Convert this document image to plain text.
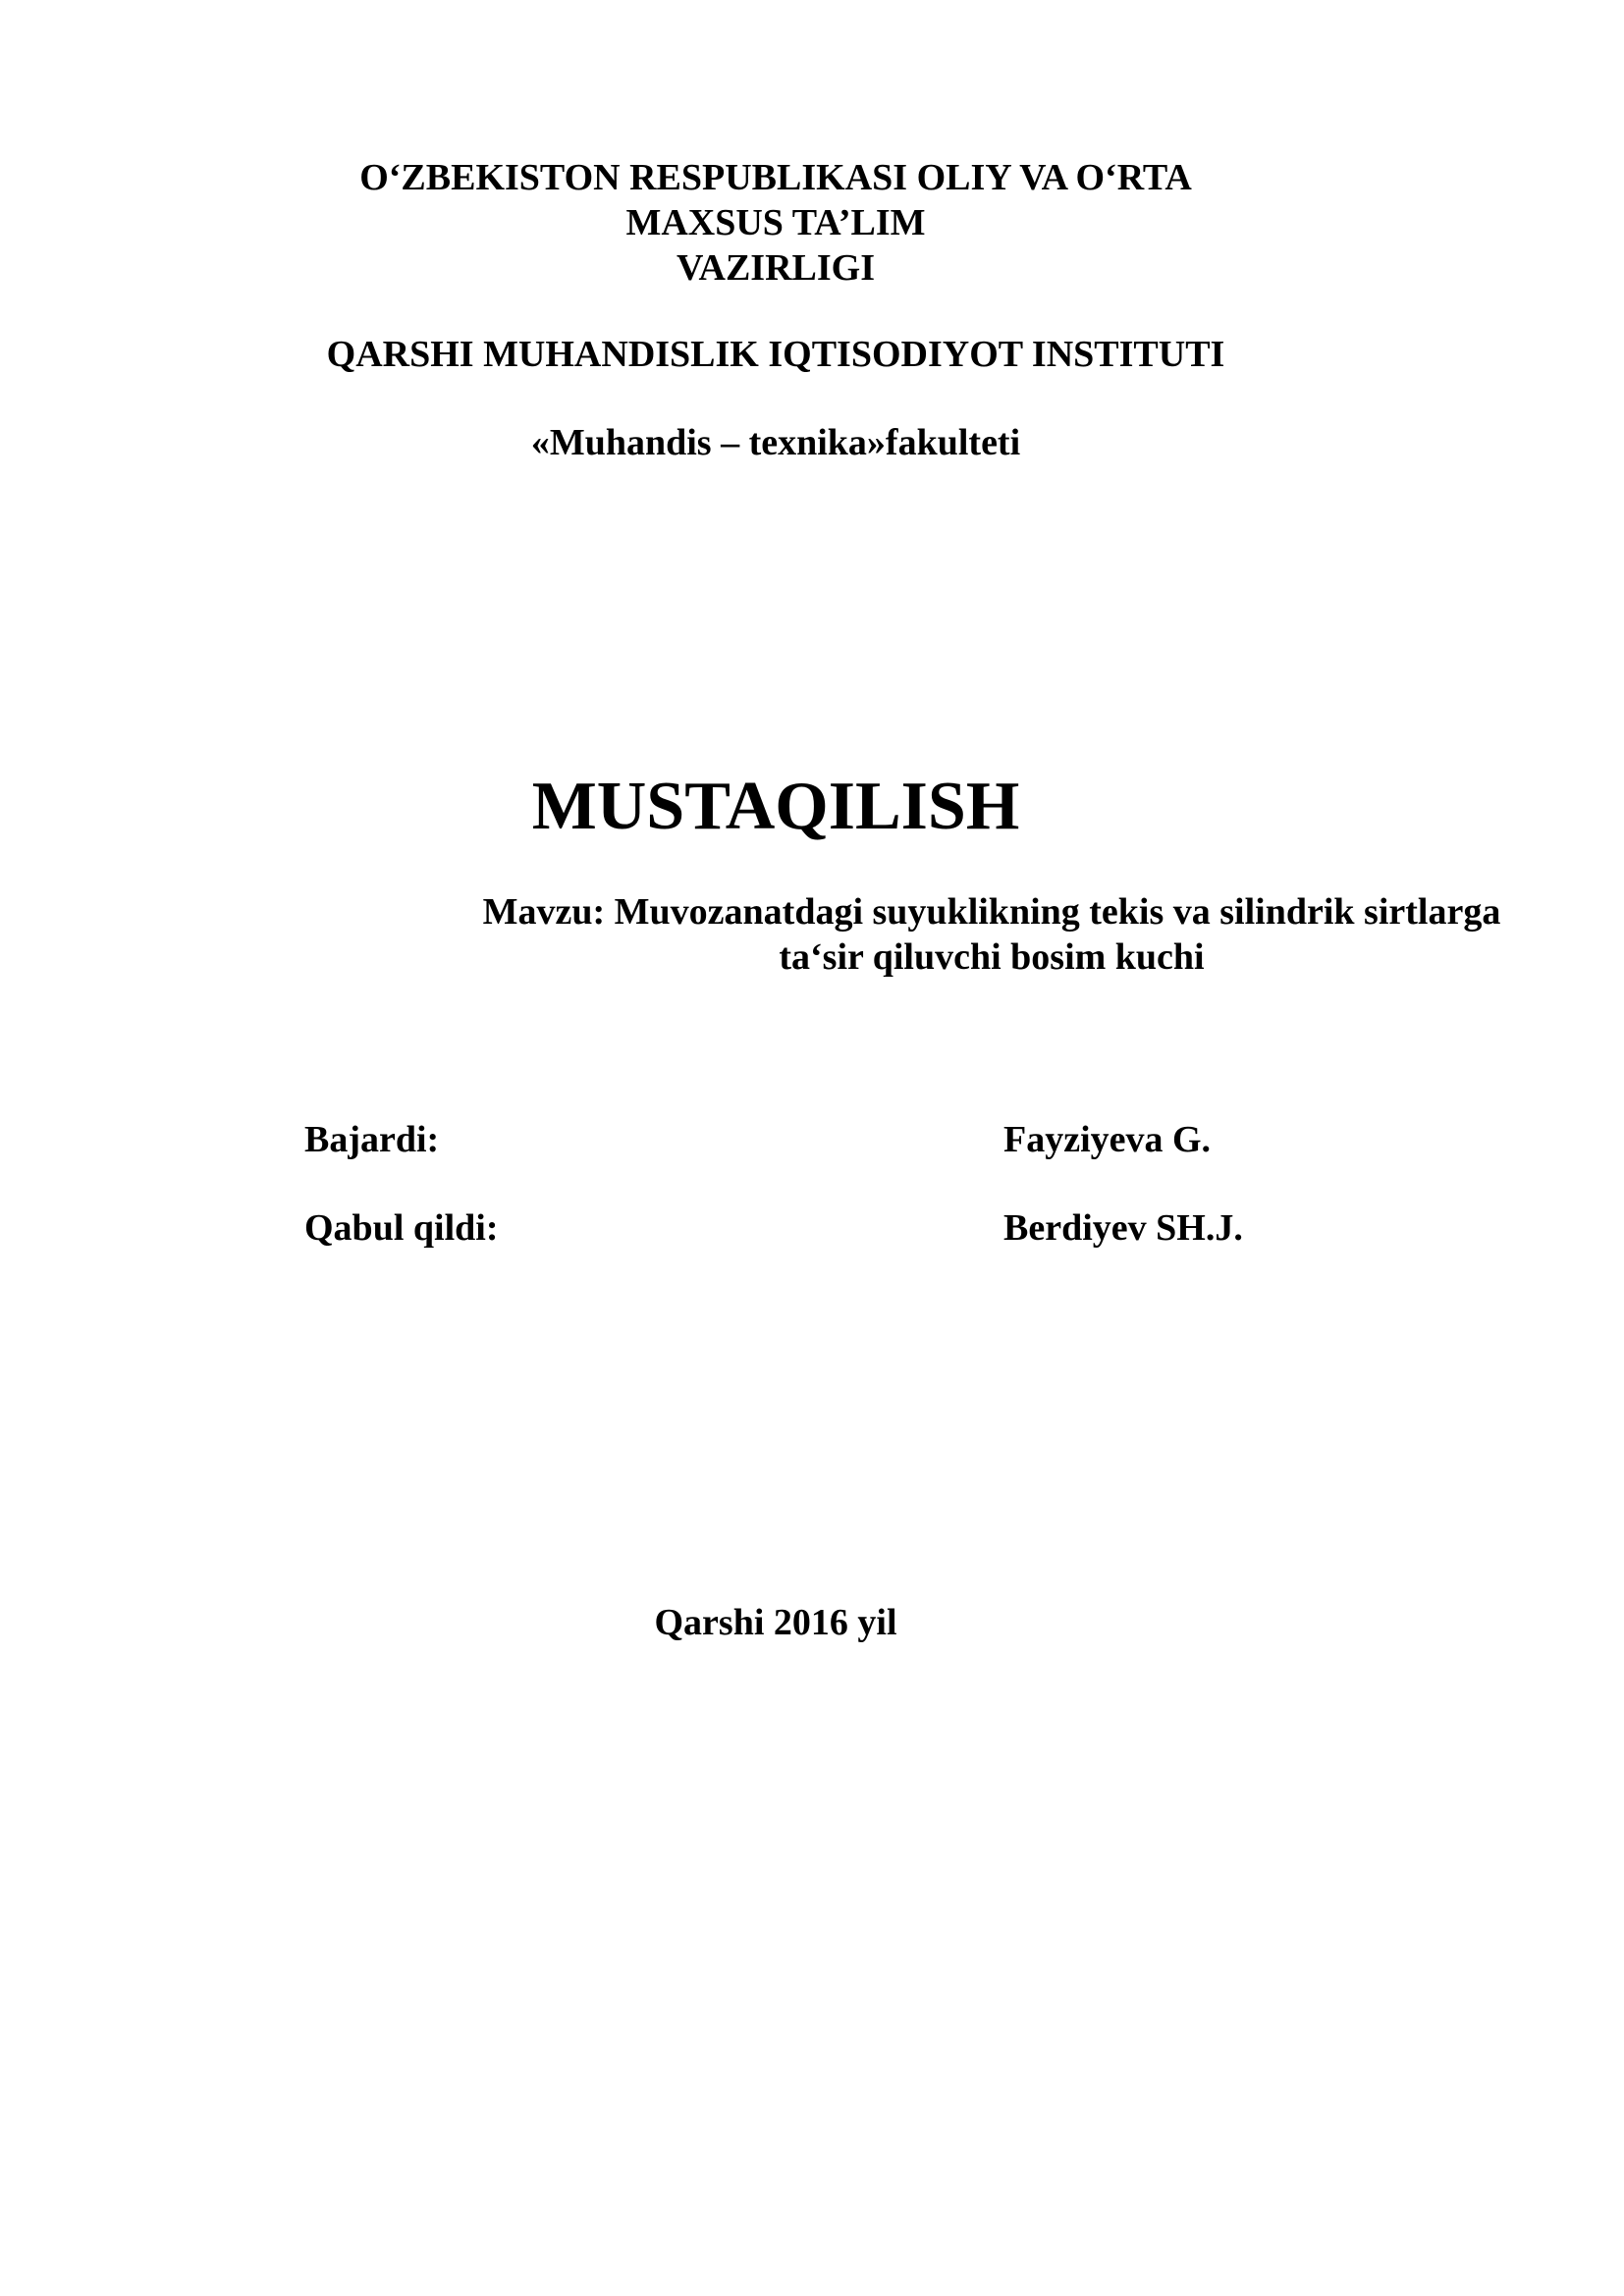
O‘ZBEKISTON RESPUBLIKASI OLIY VA O‘RTA MAXSUS TA’LIM
VAZIRLIGI
QARSHI MUHANDISLIK IQTISODIYOT INSTITUTI
«Muhandis – texnika»fakulteti
MUSTAQILISH
Mavzu: Muvozanatdagi suyuklikning tekis va silindrik sirtlarga
ta‘sir qiluvchi bosim kuchi
Bajardi:	Fayziyeva G.
Qabul qildi:	Berdiyev SH.J.
Qarshi 2016 yil
